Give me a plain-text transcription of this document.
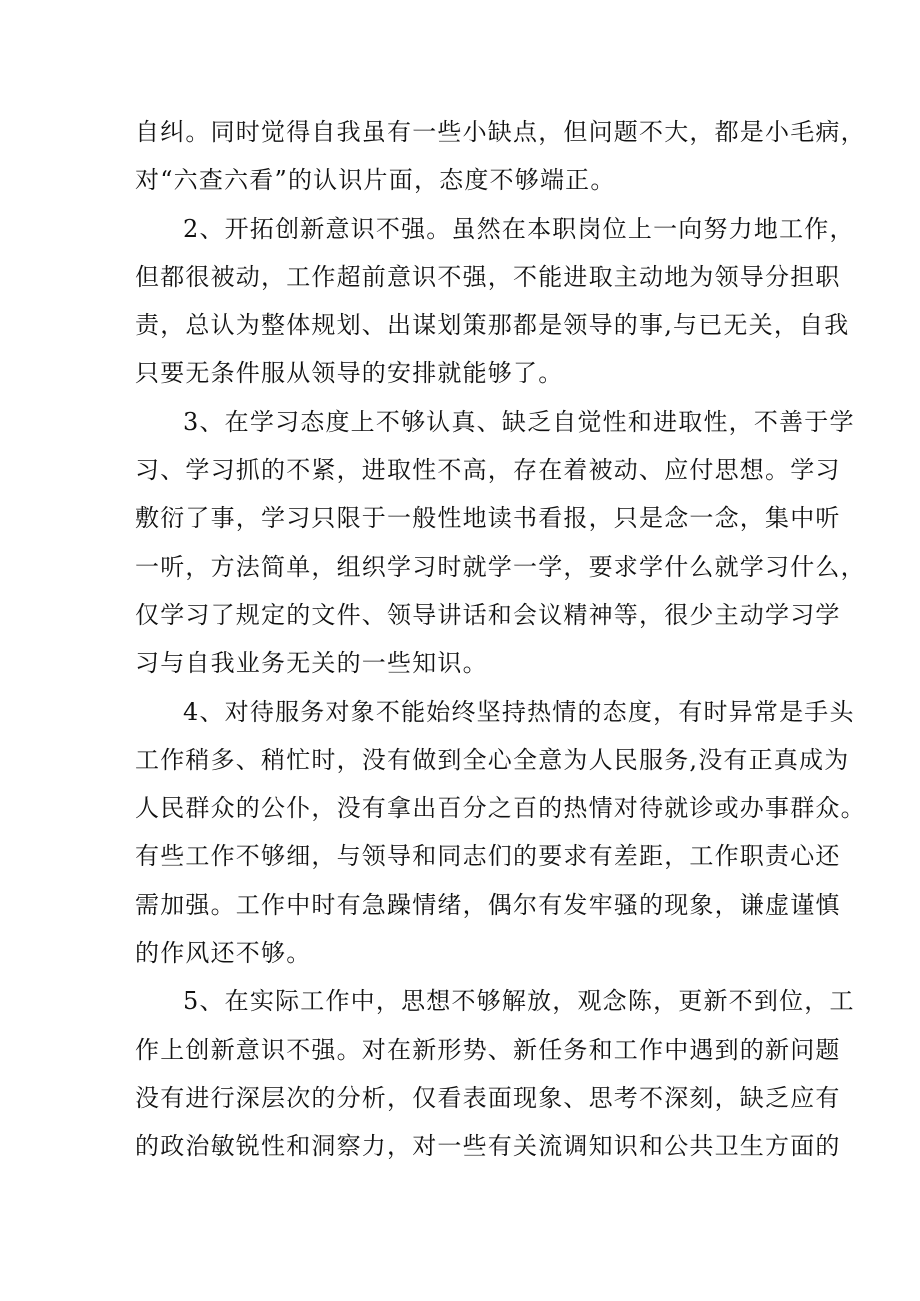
自纠。同时觉得自我虽有一些小缺点，但问题不大，都是小毛病，
对“六查六看”的认识片面，态度不够端正。
2、开拓创新意识不强。虽然在本职岗位上一向努力地工作，
但都很被动，工作超前意识不强，不能进取主动地为领导分担职
责，总认为整体规划、出谋划策那都是领导的事,与已无关，自我
只要无条件服从领导的安排就能够了。
3、在学习态度上不够认真、缺乏自觉性和进取性，不善于学
习、学习抓的不紧，进取性不高，存在着被动、应付思想。学习
敷衍了事，学习只限于一般性地读书看报，只是念一念，集中听
一听，方法简单，组织学习时就学一学，要求学什么就学习什么，
仅学习了规定的文件、领导讲话和会议精神等，很少主动学习学
习与自我业务无关的一些知识。
4、对待服务对象不能始终坚持热情的态度，有时异常是手头
工作稍多、稍忙时，没有做到全心全意为人民服务,没有正真成为
人民群众的公仆，没有拿出百分之百的热情对待就诊或办事群众。
有些工作不够细，与领导和同志们的要求有差距，工作职责心还
需加强。工作中时有急躁情绪，偶尔有发牢骚的现象，谦虚谨慎
的作风还不够。
5、在实际工作中，思想不够解放，观念陈，更新不到位，工
作上创新意识不强。对在新形势、新任务和工作中遇到的新问题
没有进行深层次的分析，仅看表面现象、思考不深刻，缺乏应有
的政治敏锐性和洞察力，对一些有关流调知识和公共卫生方面的
